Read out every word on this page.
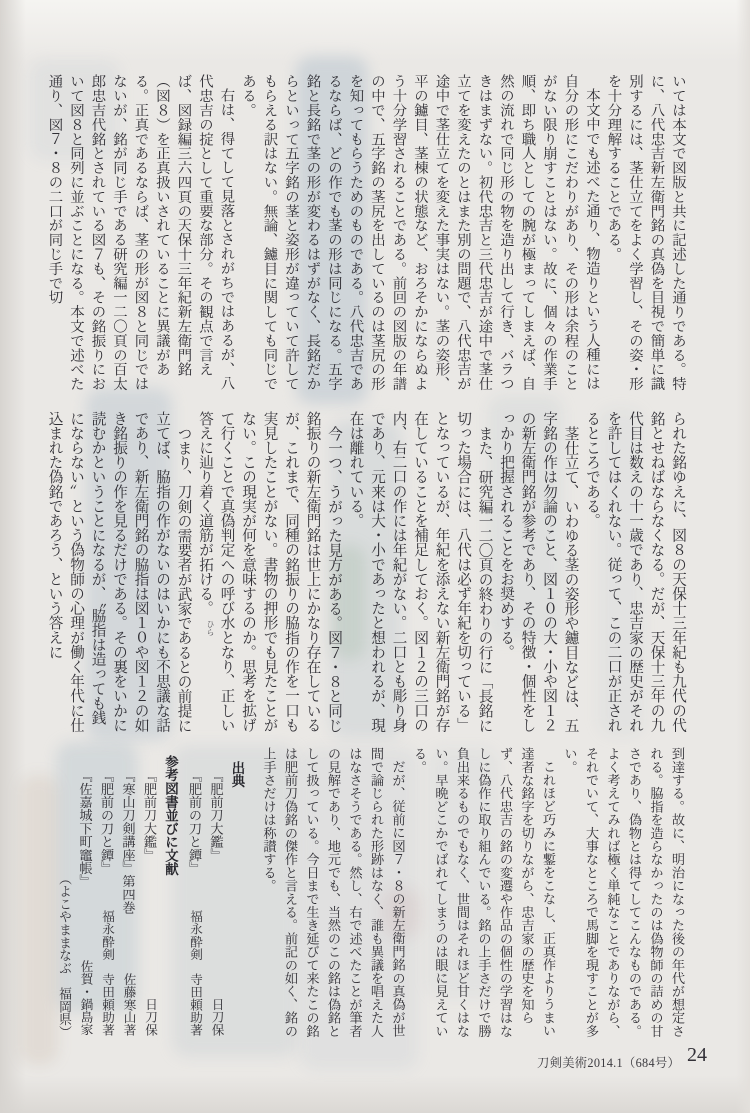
いては本文で図版と共に記述した通りである。特に、八代忠吉新左衛門銘の真偽を目視で簡単に識別するには、茎仕立てをよく学習し、その姿・形を十分理解することである。

本文中でも述べた通り、物造りという人種には自分の形にこだわりがあり、その形は余程のことがない限り崩すことはない。故に、個々の作業手順、即ち職人としての腕が極まってしまえば、自然の流れで同じ形の物を造り出して行き、バラつきはまずない。初代忠吉と三代忠吉が途中で茎仕立てを変えたのとはまた別の問題で、八代忠吉が途中で茎仕立てを変えた事実はない。茎の姿形、平の鑢目、茎棟の状態など、おろそかにならぬよう十分学習されることである。前回の図版の年譜の中で、五字銘の茎尻を出しているのは茎尻の形を知ってもらうためのものである。八代忠吉であるならば、どの作でも茎の形は同じになる。五字銘と長銘で茎の形が変わるはずがなく、長銘だからといって五字銘の茎と姿形が違っていて許してもらえる訳はない。無論、鑢目に関しても同じである。

右は、得てして見落とされがちではあるが、八代忠吉の掟として重要な部分。その観点で言えば、図録編三六四頁の天保十三年紀新左衛門銘（図８）を正真扱いされていることに異議がある。正真であるならば、茎の形が図８と同じではないが、銘が同じ手である研究編一二〇頁の百太郎忠吉代銘とされている図７も、その銘振りにおいて図８と同列に並ぶことになる。本文で述べた通り、図７・８の二口が同じ手で切

られた銘ゆえに、図８の天保十三年紀も九代の代銘とせねばならなくなる。だが、天保十三年の九代目は数えの十一歳であり、忠吉家の歴史がそれを許してはくれない。従って、この二口が正されるところである。

茎仕立て、いわゆる茎の姿形や鑢目などは、五字銘の作は勿論のこと、図１０の大・小や図１２の新左衛門銘が参考であり、その特徴・個性をしっかり把握されることをお奨めする。

また、研究編一二〇頁の終わりの行に「長銘に切った場合には、八代は必ず年紀を切っている」となっているが、年紀を添えない新左衛門銘が存在していることを補足しておく。図１２の三口の内、右二口の作には年紀がない。二口とも彫り身であり、元来は大・小であったと想われるが、現在は離れている。

今一つ、うがった見方がある。図７・８と同じ銘振りの新左衛門銘は世上にかなり存在しているが、これまで、同種の銘振りの脇指の作を一口も実見したことがない。書物の押形でも見たことがない。この現実が何を意味するのか。思考を拡げて行くことで真偽判定への呼び水となり、正しい答えに辿り着く道筋が拓ける。

つまり、刀剣の需要者が武家であるとの前提に立てば、脇指の作がないのはいかにも不思議な話であり、新左衛門銘の脇指は図１０や図１２の如き銘振りの作を見るだけである。その裏をいかに読むかということになるが、〝脇指は造っても銭にならない〟という偽物師の心理が働く年代に仕込まれた偽銘であろう、という答えに

到達する。故に、明治になった後の年代が想定される。脇指を造らなかったのは偽物師の詰めの甘さであり、偽物とは得てしてこんなものである。よく考えてみれば極く単純なことでありながら、それでいて、大事なところで馬脚を現すことが多い。

これほど巧みに鏨をこなし、正真作よりうまい達者な銘字を切りながら、忠吉家の歴史を知らず、八代忠吉の銘の変遷や作品の個性の学習はなしに偽作に取り組んでいる。銘の上手さだけで勝負出来るものでもなく、世間はそれほど甘くはない。早晩どこかでばれてしまうのは眼に見えている。

だが、従前に図７・８の新左衛門銘の真偽が世間で論じられた形跡はなく、誰も異議を唱えた人はなさそうである。然し、右で述べたことが筆者の見解であり、地元でも、当然のこの銘は偽銘として扱っている。今日まで生き延びて来たこの銘は肥前刀偽銘の傑作と言える。前記の如く、銘の上手さだけは称讃する。

出典
『肥前刀大鑑』
日刀保
『肥前の刀と鐔』
福永酔剣　寺田頼助著
参考図書並びに文献
『肥前刀大鑑』
日刀保
『寒山刀剣講座』第四巻
佐藤寒山著
『肥前の刀と鐔』
福永酔剣　寺田頼助著
『佐嘉城下町竈帳』
佐賀・鍋島家
（よこやままなぶ　福岡県）
ひら
刀剣美術2014.1（684号） 24
